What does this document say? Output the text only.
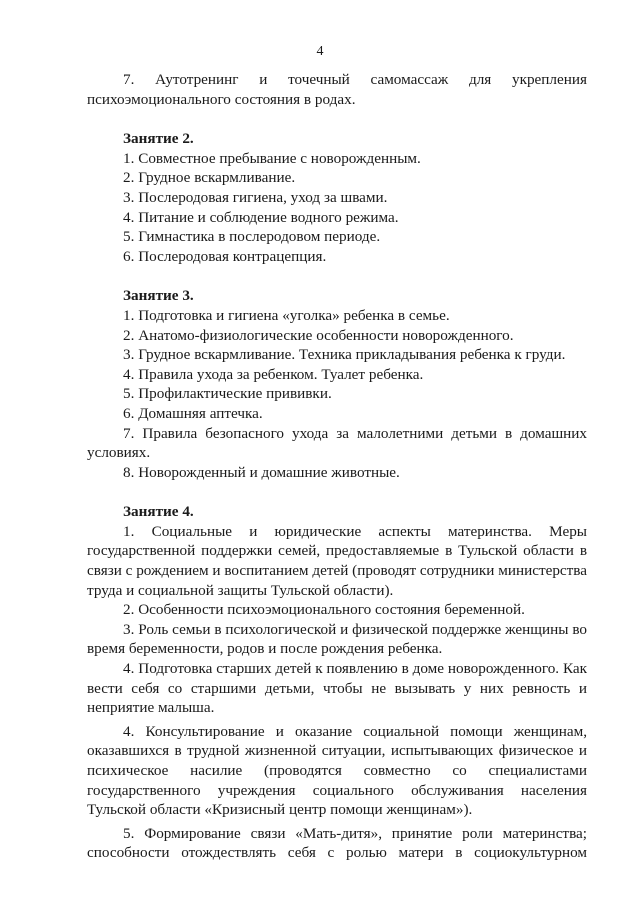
4

7. Аутотренинг и точечный самомассаж для укрепления психоэмоционального состояния в родах.

Занятие 2.

1. Совместное пребывание с новорожденным.

2. Грудное вскармливание.

3. Послеродовая гигиена, уход за швами.

4. Питание и соблюдение водного режима.

5. Гимнастика в послеродовом периоде.

6. Послеродовая контрацепция.

Занятие 3.

1. Подготовка и гигиена «уголка» ребенка в семье.

2. Анатомо-физиологические особенности новорожденного.

3. Грудное вскармливание. Техника прикладывания ребенка к груди.

4. Правила ухода за ребенком. Туалет ребенка.

5. Профилактические прививки.

6. Домашняя аптечка.

7. Правила безопасного ухода за малолетними детьми в домашних условиях.

8. Новорожденный и домашние животные.

Занятие 4.

1. Социальные и юридические аспекты материнства. Меры государственной поддержки семей, предоставляемые в Тульской области в связи с рождением и воспитанием детей (проводят сотрудники министерства труда и социальной защиты Тульской области).

2. Особенности психоэмоционального состояния беременной.

3. Роль семьи в психологической и физической поддержке женщины во время беременности, родов и после рождения ребенка.

4. Подготовка старших детей к появлению в доме новорожденного. Как вести себя со старшими детьми, чтобы не вызывать у них ревность и неприятие малыша.

4. Консультирование и оказание социальной помощи женщинам, оказавшихся в трудной жизненной ситуации, испытывающих физическое и психическое насилие (проводятся совместно со специалистами государственного учреждения социального обслуживания населения Тульской области «Кризисный центр помощи женщинам»).

5. Формирование связи «Мать-дитя», принятие роли материнства; способности отождествлять себя с ролью матери в социокультурном
